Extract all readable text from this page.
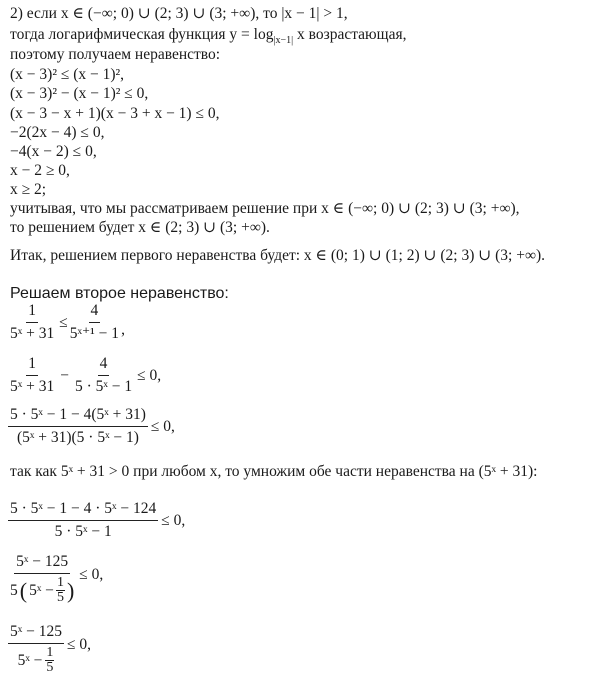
2) если x ∈ (−∞; 0) ∪ (2; 3) ∪ (3; +∞), то |x − 1| > 1,
тогда логарифмическая функция $y = \log_{|x-1|} x$ возрастающая,
поэтому получаем неравенство:
(x − 3)² ≤ (x − 1)²,
(x − 3)² − (x − 1)² ≤ 0,
(x − 3 − x + 1)(x − 3 + x − 1) ≤ 0,
−2(2x − 4) ≤ 0,
−4(x − 2) ≤ 0,
x − 2 ≥ 0,
x ≥ 2;
учитывая, что мы рассматриваем решение при x ∈ (−∞; 0) ∪ (2; 3) ∪ (3; +∞),
то решением будет x ∈ (2; 3) ∪ (3; +∞).
Итак, решением первого неравенства будет: x ∈ (0; 1) ∪ (1; 2) ∪ (2; 3) ∪ (3; +∞).
Решаем второе неравенство:
$\frac{1}{\text{5ˣ + 31}} \le \frac{4}{\text{5ˣ⁺¹ − 1}}$ ,
$\frac{1}{\text{5ˣ + 31}} - \frac{4}{\text{5 · 5ˣ − 1}} \le 0$,
$\frac{\text{5 · 5ˣ − 1 − 4(5ˣ + 31)}}{\text{(5ˣ + 31)(5 · 5ˣ − 1)}} \le 0$,
так как 5ˣ + 31 > 0 при любом x, то умножим обе части неравенства на (5ˣ + 31):
$\frac{\text{5 · 5ˣ − 1 − 4 · 5ˣ − 124}}{\text{5 · 5ˣ − 1}} \le 0$,
$\frac{\text{5ˣ − 125}}{5 ( 5ˣ - \frac{1}{5} )} \le 0$,
$\frac{\text{5ˣ − 125}}{5ˣ - \frac{1}{5}} \le 0$,
